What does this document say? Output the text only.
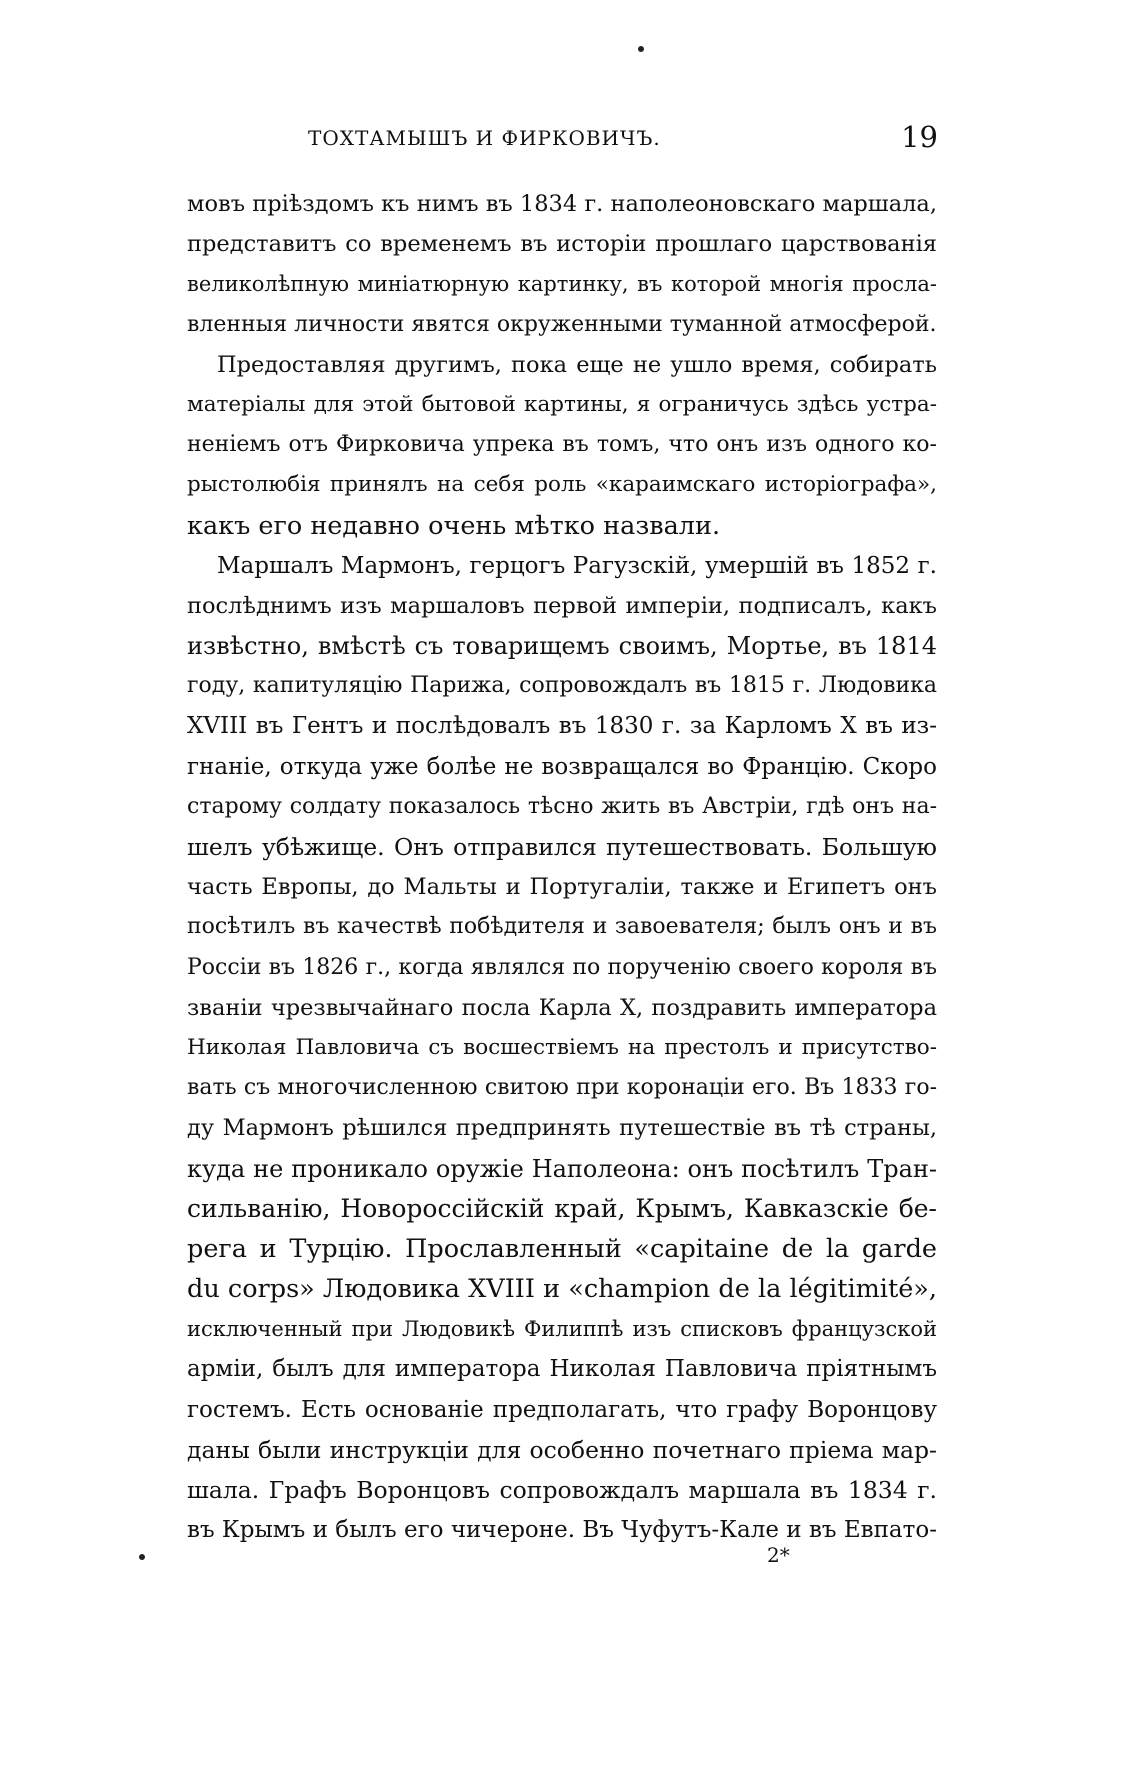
ТОХТАМЫШЪ И ФИРКОВИЧЪ.	19
мовъ пріѣздомъ къ нимъ въ 1834 г. наполеоновскаго маршала,
представитъ со временемъ въ исторіи прошлаго царствованія
великолѣпную миніатюрную картинку, въ которой многія просла-
вленныя личности явятся окруженными туманной атмосферой.
Предоставляя другимъ, пока еще не ушло время, собирать
матеріалы для этой бытовой картины, я ограничусь здѣсь устра-
неніемъ отъ Фирковича упрека въ томъ, что онъ изъ одного ко-
рыстолюбія принялъ на себя роль «караимскаго исторіографа»,
какъ его недавно очень мѣтко назвали.
Маршалъ Мармонъ, герцогъ Рагузскій, умершій въ 1852 г.
послѣднимъ изъ маршаловъ первой имперіи, подписалъ, какъ
извѣстно, вмѣстѣ съ товарищемъ своимъ, Мортье, въ 1814
году, капитуляцію Парижа, сопровождалъ въ 1815 г. Людовика
XVIII въ Гентъ и послѣдовалъ въ 1830 г. за Карломъ X въ из-
гнаніе, откуда уже болѣе не возвращался во Францію. Скоро
старому солдату показалось тѣсно жить въ Австріи, гдѣ онъ на-
шелъ убѣжище. Онъ отправился путешествовать. Большую
часть Европы, до Мальты и Португаліи, также и Египетъ онъ
посѣтилъ въ качествѣ побѣдителя и завоевателя; былъ онъ и въ
Россіи въ 1826 г., когда являлся по порученію своего короля въ
званіи чрезвычайнаго посла Карла X, поздравить императора
Николая Павловича съ восшествіемъ на престолъ и присутство-
вать съ многочисленною свитою при коронаціи его. Въ 1833 го-
ду Мармонъ рѣшился предпринять путешествіе въ тѣ страны,
куда не проникало оружіе Наполеона: онъ посѣтилъ Тран-
сильванію, Новороссійскій край, Крымъ, Кавказскіе бе-
рега и Турцію. Прославленный «capitaine de la garde
du corps» Людовика XVIII и «champion de la légitimité»,
исключенный при Людовикѣ Филиппѣ изъ списковъ французской
арміи, былъ для императора Николая Павловича пріятнымъ
гостемъ. Есть основаніе предполагать, что графу Воронцову
даны были инструкціи для особенно почетнаго пріема мар-
шала. Графъ Воронцовъ сопровождалъ маршала въ 1834 г.
въ Крымъ и былъ его чичероне. Въ Чуфутъ-Кале и въ Евпато-
2*
